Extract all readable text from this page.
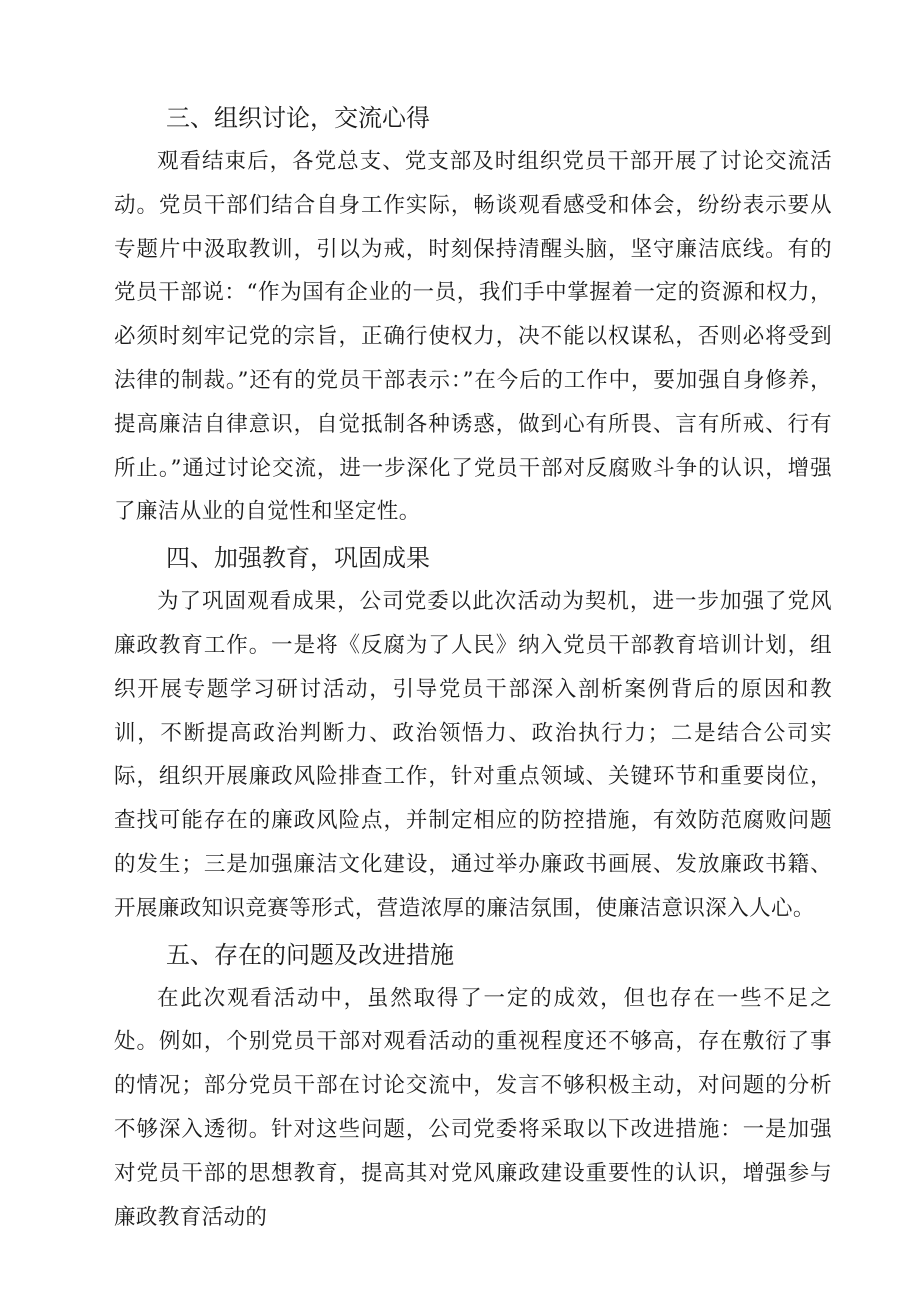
三、组织讨论，交流心得

观看结束后，各党总支、党支部及时组织党员干部开展了讨论交流活动。党员干部们结合自身工作实际，畅谈观看感受和体会，纷纷表示要从专题片中汲取教训，引以为戒，时刻保持清醒头脑，坚守廉洁底线。有的党员干部说：“作为国有企业的一员，我们手中掌握着一定的资源和权力，必须时刻牢记党的宗旨，正确行使权力，决不能以权谋私，否则必将受到法律的制裁。”还有的党员干部表示：”在今后的工作中，要加强自身修养，提高廉洁自律意识，自觉抵制各种诱惑，做到心有所畏、言有所戒、行有所止。”通过讨论交流，进一步深化了党员干部对反腐败斗争的认识，增强了廉洁从业的自觉性和坚定性。

四、加强教育，巩固成果

为了巩固观看成果，公司党委以此次活动为契机，进一步加强了党风廉政教育工作。一是将《反腐为了人民》纳入党员干部教育培训计划，组织开展专题学习研讨活动，引导党员干部深入剖析案例背后的原因和教训，不断提高政治判断力、政治领悟力、政治执行力；二是结合公司实际，组织开展廉政风险排查工作，针对重点领域、关键环节和重要岗位，查找可能存在的廉政风险点，并制定相应的防控措施，有效防范腐败问题的发生；三是加强廉洁文化建设，通过举办廉政书画展、发放廉政书籍、开展廉政知识竞赛等形式，营造浓厚的廉洁氛围，使廉洁意识深入人心。

五、存在的问题及改进措施

在此次观看活动中，虽然取得了一定的成效，但也存在一些不足之处。例如，个别党员干部对观看活动的重视程度还不够高，存在敷衍了事的情况；部分党员干部在讨论交流中，发言不够积极主动，对问题的分析不够深入透彻。针对这些问题，公司党委将采取以下改进措施：一是加强对党员干部的思想教育，提高其对党风廉政建设重要性的认识，增强参与廉政教育活动的
